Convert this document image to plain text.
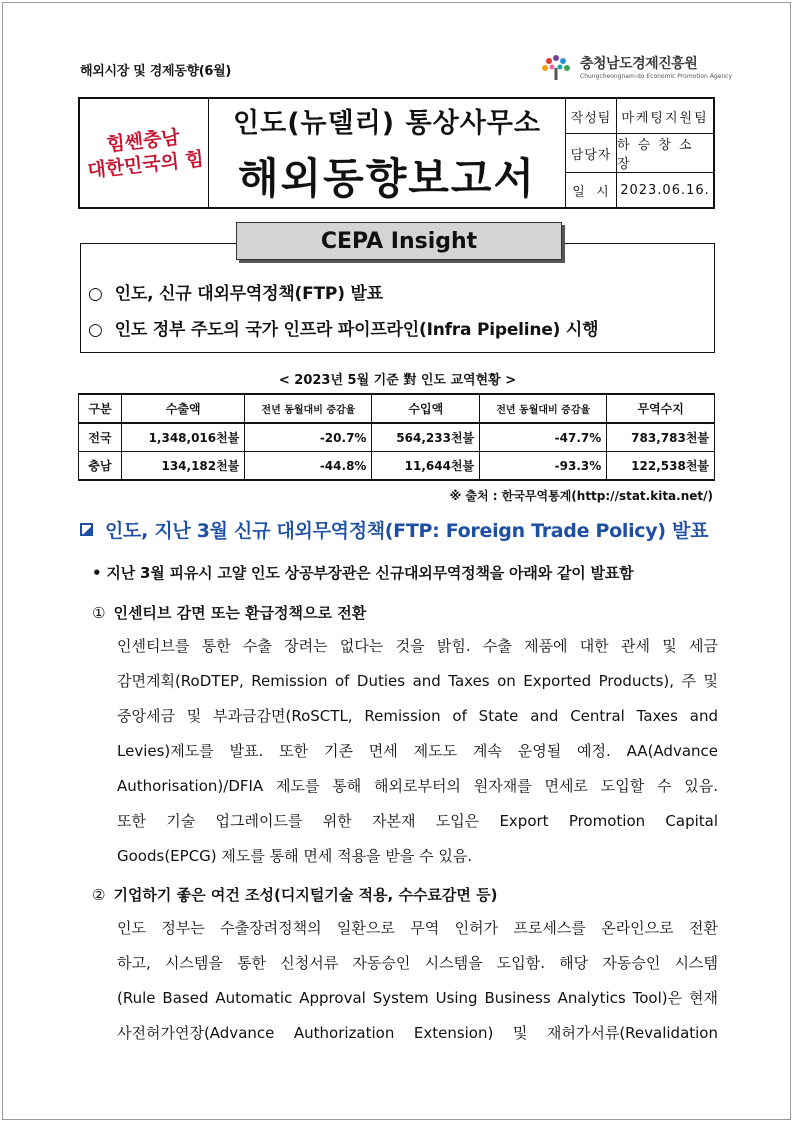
해외시장 및 경제동향(6월)	충청남도경제진흥원
Chungcheongnam-do Economic Promotion Agency
힘쎈충남
대한민국의 힘
인도(뉴델리) 통상사무소
해외동향보고서
작성팀 마케팅지원팀
담당자
하 승 창 소 장
일  시 2023.06.16.
CEPA Insight
○ 인도, 신규 대외무역정책(FTP) 발표
○ 인도 정부 주도의 국가 인프라 파이프라인(Infra Pipeline) 시행
< 2023년 5월 기준 對 인도 교역현황 >
구분	수출액	전년 동월대비 증감율	수입액	전년 동월대비 증감율	무역수지
전국	1,348,016천불	-20.7%	564,233천불	-47.7%	783,783천불
충남	134,182천불	-44.8%	11,644천불	-93.3%	122,538천불
※ 출처 : 한국무역통계(http://stat.kita.net/)
인도, 지난 3월 신규 대외무역정책(FTP: Foreign Trade Policy) 발표
• 지난 3월 피유시 고얄 인도 상공부장관은 신규대외무역정책을 아래와 같이 발표함
① 인센티브 감면 또는 환급정책으로 전환
인센티브를 통한 수출 장려는 없다는 것을 밝힘. 수출 제품에 대한 관세 및 세금
감면계획(RoDTEP, Remission of Duties and Taxes on Exported Products), 주 및
중앙세금 및 부과금감면(RoSCTL, Remission of State and Central Taxes and
Levies)제도를 발표. 또한 기존 면세 제도도 계속 운영될 예정. AA(Advance
Authorisation)/DFIA 제도를 통해 해외로부터의 원자재를 면세로 도입할 수 있음.
또한 기술 업그레이드를 위한 자본재 도입은 Export Promotion Capital
Goods(EPCG) 제도를 통해 면세 적용을 받을 수 있음.
② 기업하기 좋은 여건 조성(디지털기술 적용, 수수료감면 등)
인도 정부는 수출장려정책의 일환으로 무역 인허가 프로세스를 온라인으로 전환
하고, 시스템을 통한 신청서류 자동승인 시스템을 도입함. 해당 자동승인 시스템
(Rule Based Automatic Approval System Using Business Analytics Tool)은 현재
사전허가연장(Advance Authorization Extension) 및 재허가서류(Revalidation
